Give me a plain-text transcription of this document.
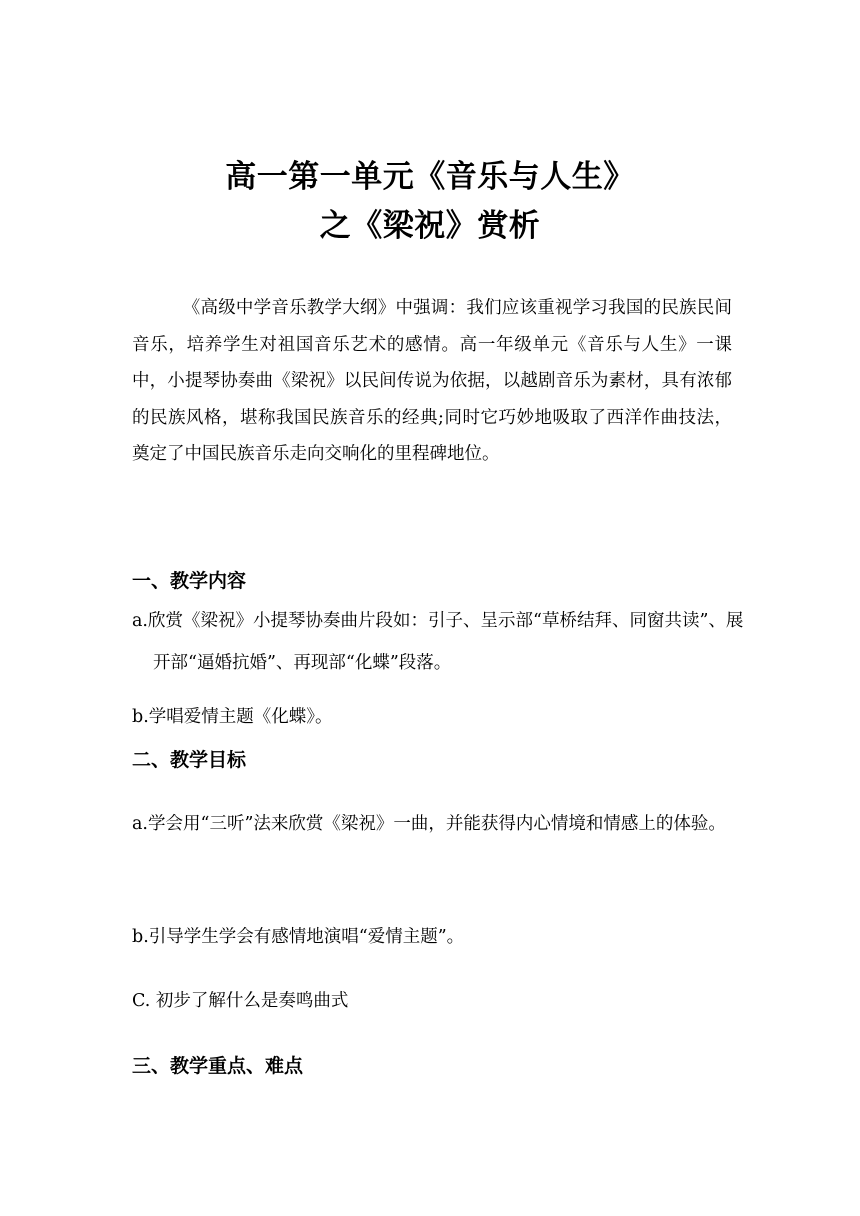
高一第一单元《音乐与人生》
之《梁祝》赏析

《高级中学音乐教学大纲》中强调：我们应该重视学习我国的民族民间音乐，培养学生对祖国音乐艺术的感情。高一年级单元《音乐与人生》一课中，小提琴协奏曲《梁祝》以民间传说为依据，以越剧音乐为素材，具有浓郁的民族风格，堪称我国民族音乐的经典;同时它巧妙地吸取了西洋作曲技法，奠定了中国民族音乐走向交响化的里程碑地位。

一、教学内容

a.欣赏《梁祝》小提琴协奏曲片段如：引子、呈示部“草桥结拜、同窗共读”、展开部“逼婚抗婚”、再现部“化蝶”段落。

b.学唱爱情主题《化蝶》。

二、教学目标

a.学会用“三听”法来欣赏《梁祝》一曲，并能获得内心情境和情感上的体验。

b.引导学生学会有感情地演唱“爱情主题”。

C. 初步了解什么是奏鸣曲式

三、教学重点、难点
